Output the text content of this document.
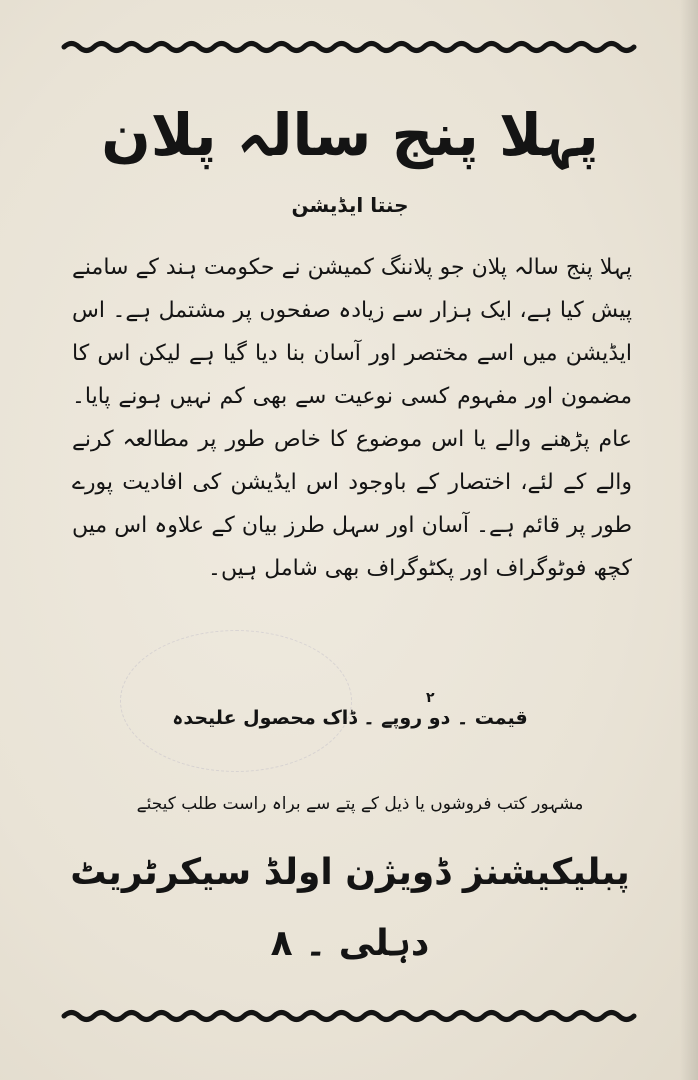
پہلا پنج سالہ پلان
جنتا ایڈیشن

پہلا پنج سالہ پلان جو پلاننگ کمیشن نے حکومت ہند کے سامنے پیش کیا ہے، ایک ہزار سے زیادہ صفحوں پر مشتمل ہے۔ اس ایڈیشن میں اسے مختصر اور آسان بنا دیا گیا ہے لیکن اس کا مضمون اور مفہوم کسی نوعیت سے بھی کم نہیں ہونے پایا۔ عام پڑھنے والے یا اس موضوع کا خاص طور پر مطالعہ کرنے والے کے لئے، اختصار کے باوجود اس ایڈیشن کی افادیت پورے طور پر قائم ہے۔ آسان اور سہل طرز بیان کے علاوہ اس میں کچھ فوٹوگراف اور پکٹوگراف بھی شامل ہیں۔

۲
قیمت ۔ دو روپے ۔ ڈاک محصول علیحدہ
مشہور کتب فروشوں یا ذیل کے پتے سے براہ راست طلب کیجئے
پبلیکیشنز ڈویژن اولڈ سیکرٹریٹ
دہلی ۔ ۸
